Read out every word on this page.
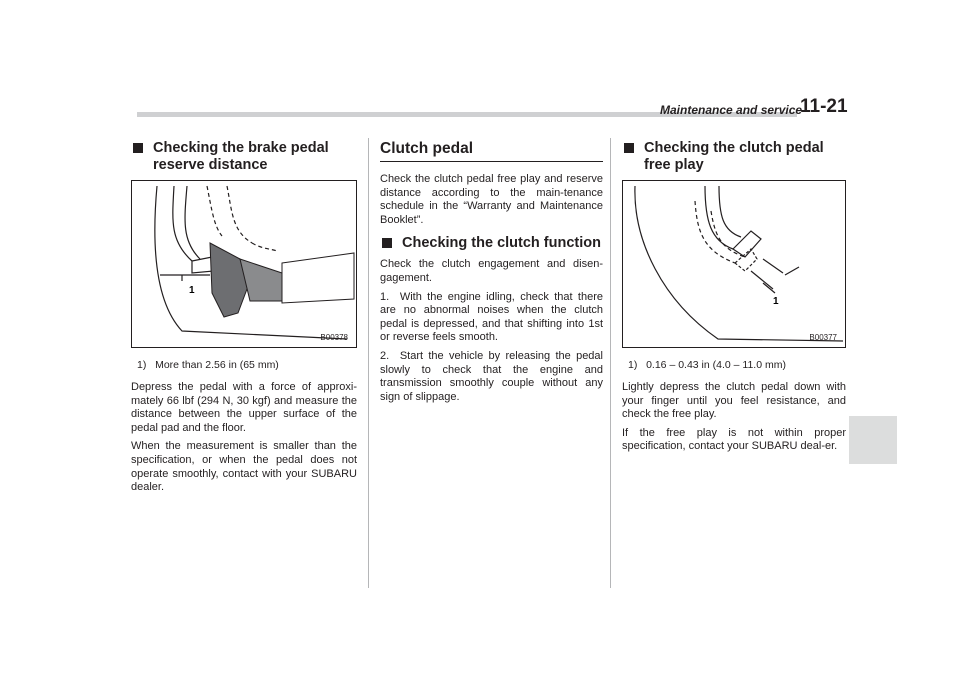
Maintenance and service
11-21
Checking the brake pedal reserve distance
1
B00378
1)   More than 2.56 in (65 mm)

Depress the pedal with a force of approxi-mately 66 lbf (294 N, 30 kgf) and measure the distance between the upper surface of the pedal pad and the floor.

When the measurement is smaller than the specification, or when the pedal does not operate smoothly, contact with your SUBARU dealer.

Clutch pedal

Check the clutch pedal free play and reserve distance according to the main-tenance schedule in the “Warranty and Maintenance Booklet”.

Checking the clutch function

Check the clutch engagement and disen-gagement.

1.  With the engine idling, check that there are no abnormal noises when the clutch pedal is depressed, and that shifting into 1st or reverse feels smooth.

2.  Start the vehicle by releasing the pedal slowly to check that the engine and transmission smoothly couple without any sign of slippage.

Checking the clutch pedal free play
1
B00377
1)   0.16 – 0.43 in (4.0 – 11.0 mm)

Lightly depress the clutch pedal down with your finger until you feel resistance, and check the free play.

If the free play is not within proper specification, contact your SUBARU deal-er.
